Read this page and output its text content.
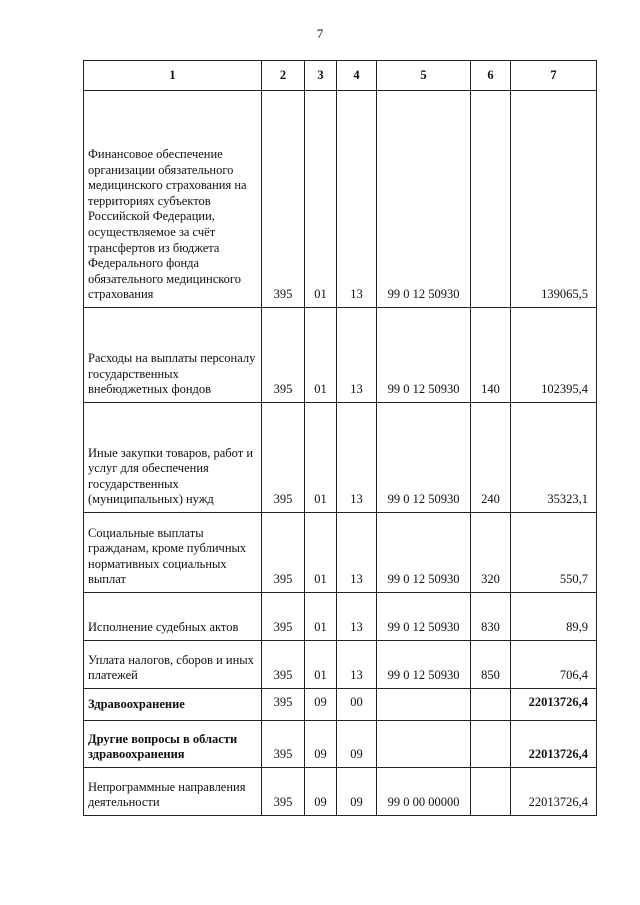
7
1	2	3	4	5	6	7
Финансовое обеспечение организации обязательного медицинского страхования на территориях субъектов Российской Федерации, осуществляемое за счёт трансфертов из бюджета Федерального фонда обязательного медицинского страхования	395	01	13	99 0 12 50930		139065,5
Расходы на выплаты персоналу государственных внебюджетных фондов	395	01	13	99 0 12 50930	140	102395,4
Иные закупки товаров, работ и услуг для обеспечения государственных (муниципальных) нужд	395	01	13	99 0 12 50930	240	35323,1
Социальные выплаты гражданам, кроме публичных нормативных социальных выплат	395	01	13	99 0 12 50930	320	550,7
Исполнение судебных актов	395	01	13	99 0 12 50930	830	89,9
Уплата налогов, сборов и иных платежей	395	01	13	99 0 12 50930	850	706,4
Здравоохранение	395	09	00			22013726,4
Другие вопросы в области здравоохранения	395	09	09			22013726,4
Непрограммные направления деятельности	395	09	09	99 0 00 00000		22013726,4
